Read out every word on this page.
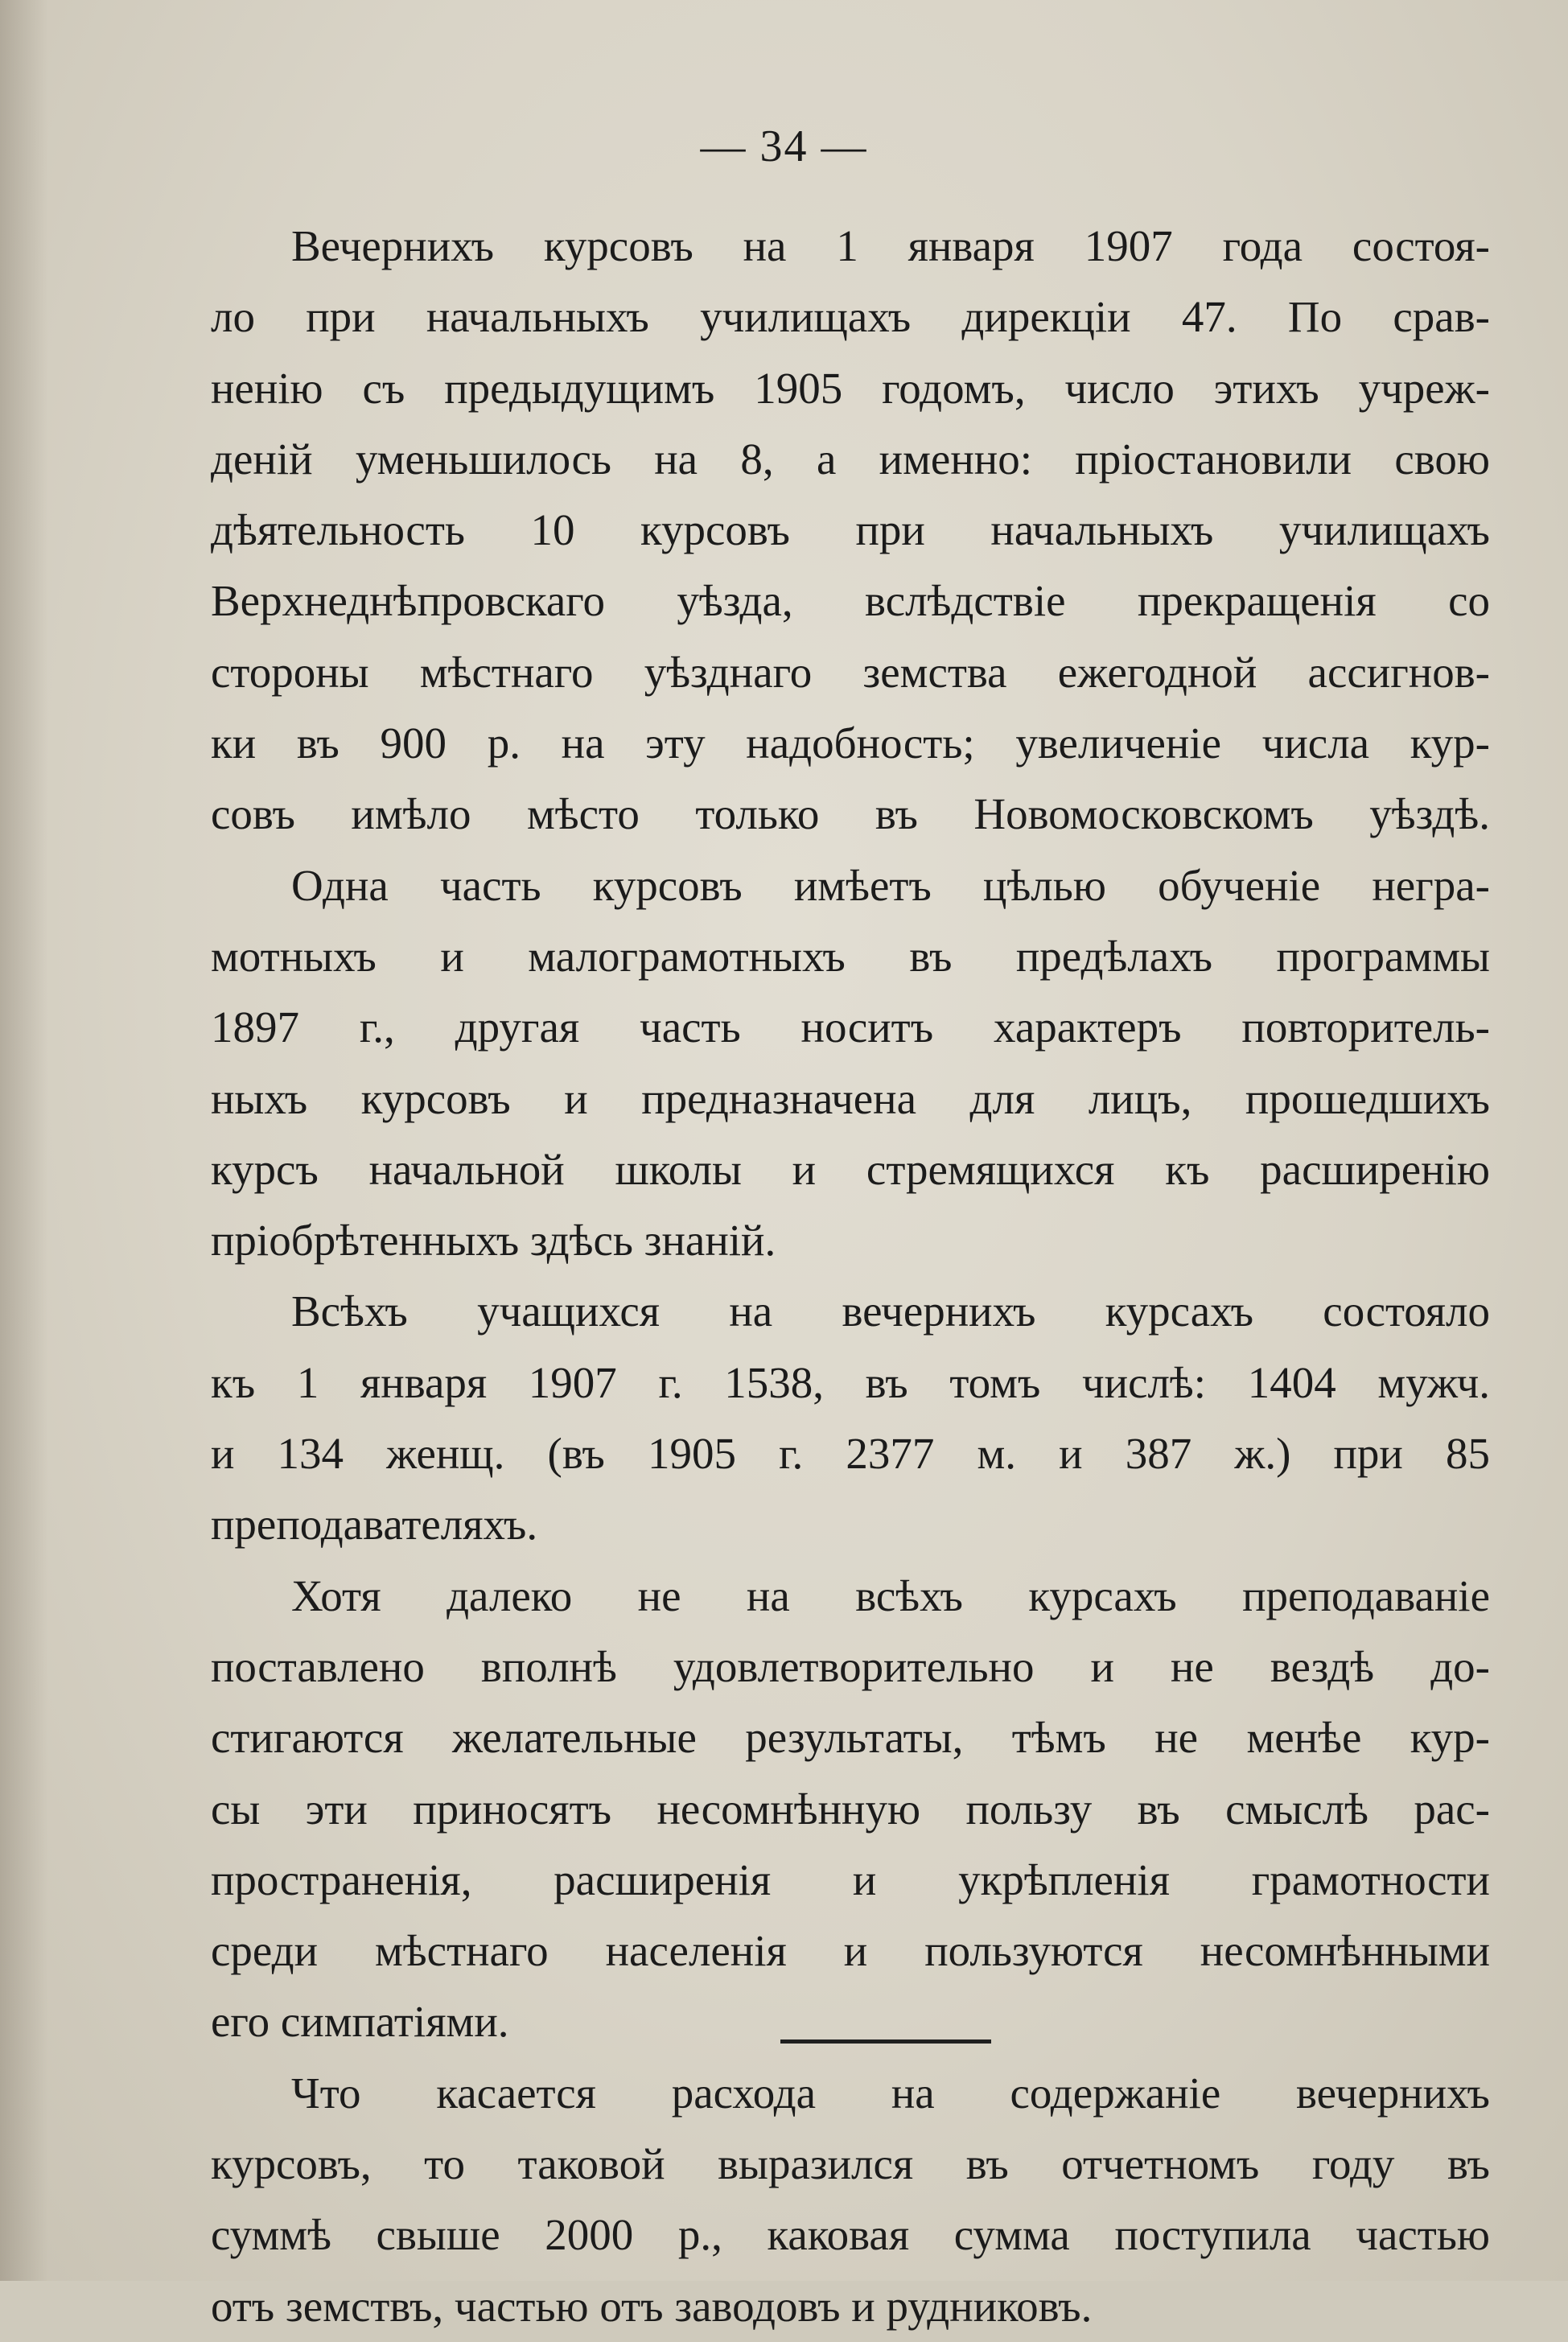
— 34 —
Вечернихъ курсовъ на 1 января 1907 года состоя-
ло при начальныхъ училищахъ дирекціи 47. По срав-
ненію съ предыдущимъ 1905 годомъ, число этихъ учреж-
деній уменьшилось на 8, а именно: пріостановили свою
дѣятельность 10 курсовъ при начальныхъ училищахъ
Верхнеднѣпровскаго уѣзда, вслѣдствіе прекращенія со
стороны мѣстнаго уѣзднаго земства ежегодной ассигнов-
ки въ 900 р. на эту надобность; увеличеніе числа кур-
совъ имѣло мѣсто только въ Новомосковскомъ уѣздѣ.
Одна часть курсовъ имѣетъ цѣлью обученіе негра-
мотныхъ и малограмотныхъ въ предѣлахъ программы
1897 г., другая часть носитъ характеръ повторитель-
ныхъ курсовъ и предназначена для лицъ, прошедшихъ
курсъ начальной школы и стремящихся къ расширенію
пріобрѣтенныхъ здѣсь знаній.
Всѣхъ учащихся на вечернихъ курсахъ состояло
къ 1 января 1907 г. 1538, въ томъ числѣ: 1404 мужч.
и 134 женщ. (въ 1905 г. 2377 м. и 387 ж.) при 85
преподавателяхъ.
Хотя далеко не на всѣхъ курсахъ преподаваніе
поставлено вполнѣ удовлетворительно и не вездѣ до-
стигаются желательные результаты, тѣмъ не менѣе кур-
сы эти приносятъ несомнѣнную пользу въ смыслѣ рас-
пространенія, расширенія и укрѣпленія грамотности
среди мѣстнаго населенія и пользуются несомнѣнными
его симпатіями.
Что касается расхода на содержаніе вечернихъ
курсовъ, то таковой выразился въ отчетномъ году въ
суммѣ свыше 2000 р., каковая сумма поступила частью
отъ земствъ, частью отъ заводовъ и рудниковъ.
